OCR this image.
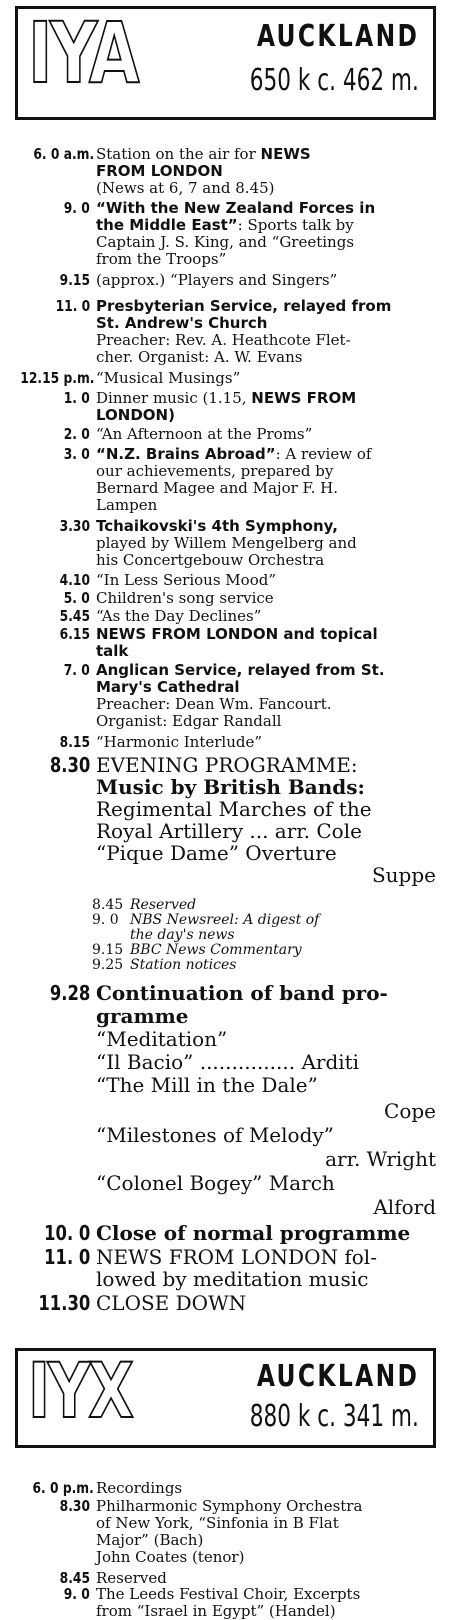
IYA	AUCKLAND
650 k c. 462 m.
6. 0 a.m. Station on the air for NEWS
FROM LONDON
(News at 6, 7 and 8.45)
9. 0 “With the New Zealand Forces in
the Middle East”: Sports talk by
Captain J. S. King, and “Greetings
from the Troops”
9.15 (approx.) “Players and Singers”
11. 0 Presbyterian Service, relayed from
St. Andrew's Church
Preacher: Rev. A. Heathcote Flet-
cher. Organist: A. W. Evans
12.15 p.m. “Musical Musings”
1. 0 Dinner music (1.15, NEWS FROM
LONDON)
2. 0 “An Afternoon at the Proms”
3. 0 “N.Z. Brains Abroad”: A review of
our achievements, prepared by
Bernard Magee and Major F. H.
Lampen
3.30 Tchaikovski's 4th Symphony,
played by Willem Mengelberg and
his Concertgebouw Orchestra
4.10 “In Less Serious Mood”
5. 0 Children's song service
5.45 “As the Day Declines”
6.15 NEWS FROM LONDON and topical
talk
7. 0 Anglican Service, relayed from St.
Mary's Cathedral
Preacher: Dean Wm. Fancourt.
Organist: Edgar Randall
8.15 “Harmonic Interlude”
8.30 EVENING PROGRAMME:
Music by British Bands:
Regimental Marches of the
Royal Artillery ... arr. Cole
“Pique Dame” Overture
Suppe
8.45 Reserved
9. 0 NBS Newsreel: A digest of
the day's news
9.15 BBC News Commentary
9.25 Station notices
9.28 Continuation of band pro-
gramme
“Meditation”
“Il Bacio” ............... Arditi
“The Mill in the Dale”
Cope
“Milestones of Melody”
arr. Wright
“Colonel Bogey” March
Alford
10. 0 Close of normal programme
11. 0 NEWS FROM LONDON fol-
lowed by meditation music
11.30 CLOSE DOWN
IYX	AUCKLAND
880 k c. 341 m.
6. 0 p.m. Recordings
8.30 Philharmonic Symphony Orchestra
of New York, “Sinfonia in B Flat
Major” (Bach)
John Coates (tenor)
8.45 Reserved
9. 0 The Leeds Festival Choir, Excerpts
from “Israel in Egypt” (Handel)
